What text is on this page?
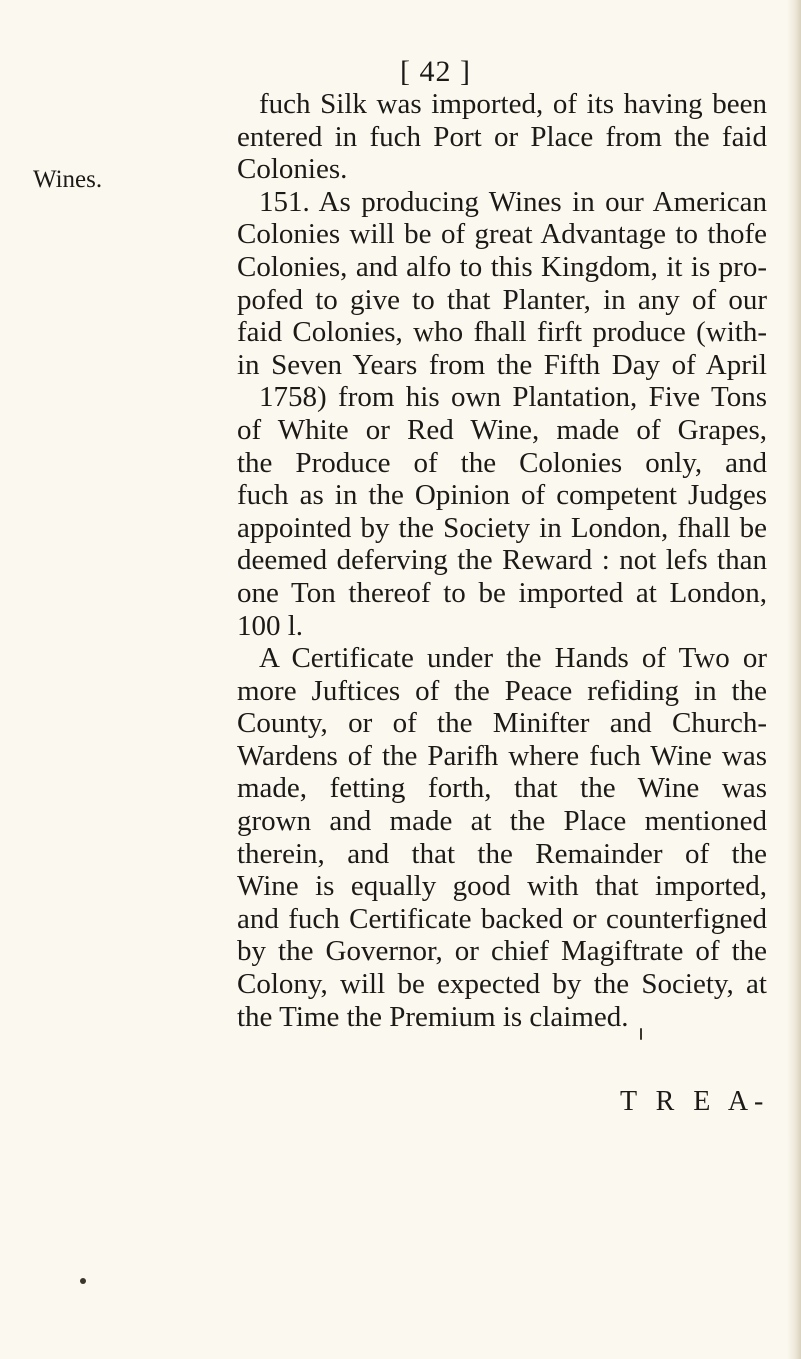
[ 42 ]
Wines.
fuch Silk was imported, of its having been
entered in fuch Port or Place from the faid
Colonies.
151. As producing Wines in our American
Colonies will be of great Advantage to thofe
Colonies, and alfo to this Kingdom, it is pro-
pofed to give to that Planter, in any of our
faid Colonies, who fhall firft produce (with-
in Seven Years from the Fifth Day of April
1758) from his own Plantation, Five Tons
of White or Red Wine, made of Grapes,
the Produce of the Colonies only, and
fuch as in the Opinion of competent Judges
appointed by the Society in London, fhall be
deemed deferving the Reward : not lefs than
one Ton thereof to be imported at London,
100 l.
A Certificate under the Hands of Two or
more Juftices of the Peace refiding in the
County, or of the Minifter and Church-
Wardens of the Parifh where fuch Wine was
made, fetting forth, that the Wine was
grown and made at the Place mentioned
therein, and that the Remainder of the
Wine is equally good with that imported,
and fuch Certificate backed or counterfigned
by the Governor, or chief Magiftrate of the
Colony, will be expected by the Society, at
the Time the Premium is claimed.
T R E A-
